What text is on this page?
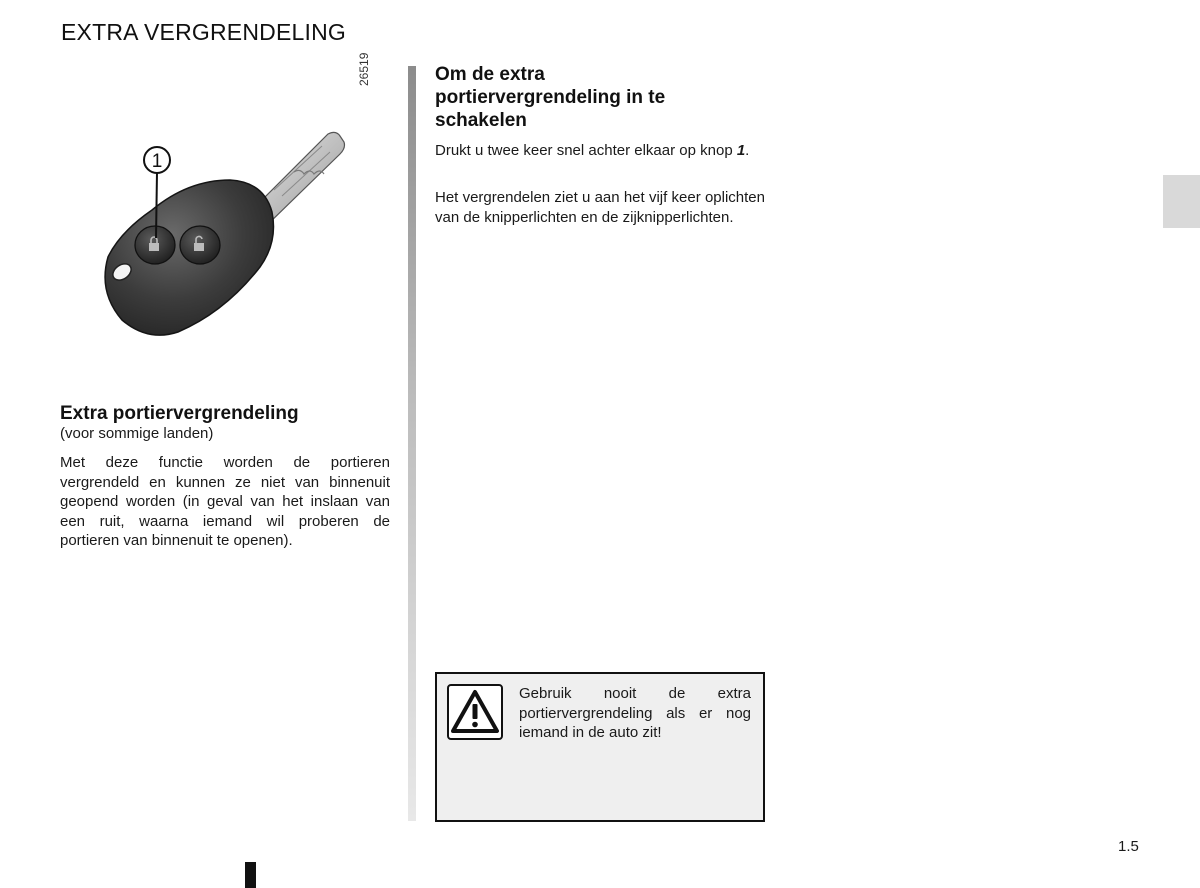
EXTRA VERGRENDELING
1
26519
Extra portiervergrendeling
(voor sommige landen)
Met deze functie worden de portieren vergrendeld en kunnen ze niet van binnenuit geopend worden (in geval van het inslaan van een ruit, waarna iemand wil proberen de portieren van binnenuit te openen).
Om de extra portiervergrendeling in te schakelen
Drukt u twee keer snel achter elkaar op knop 1.
Het vergrendelen ziet u aan het vijf keer oplichten van de knipperlichten en de zijknipperlichten.
Gebruik nooit de extra portiervergrendeling als er nog iemand in de auto zit!
1.5
